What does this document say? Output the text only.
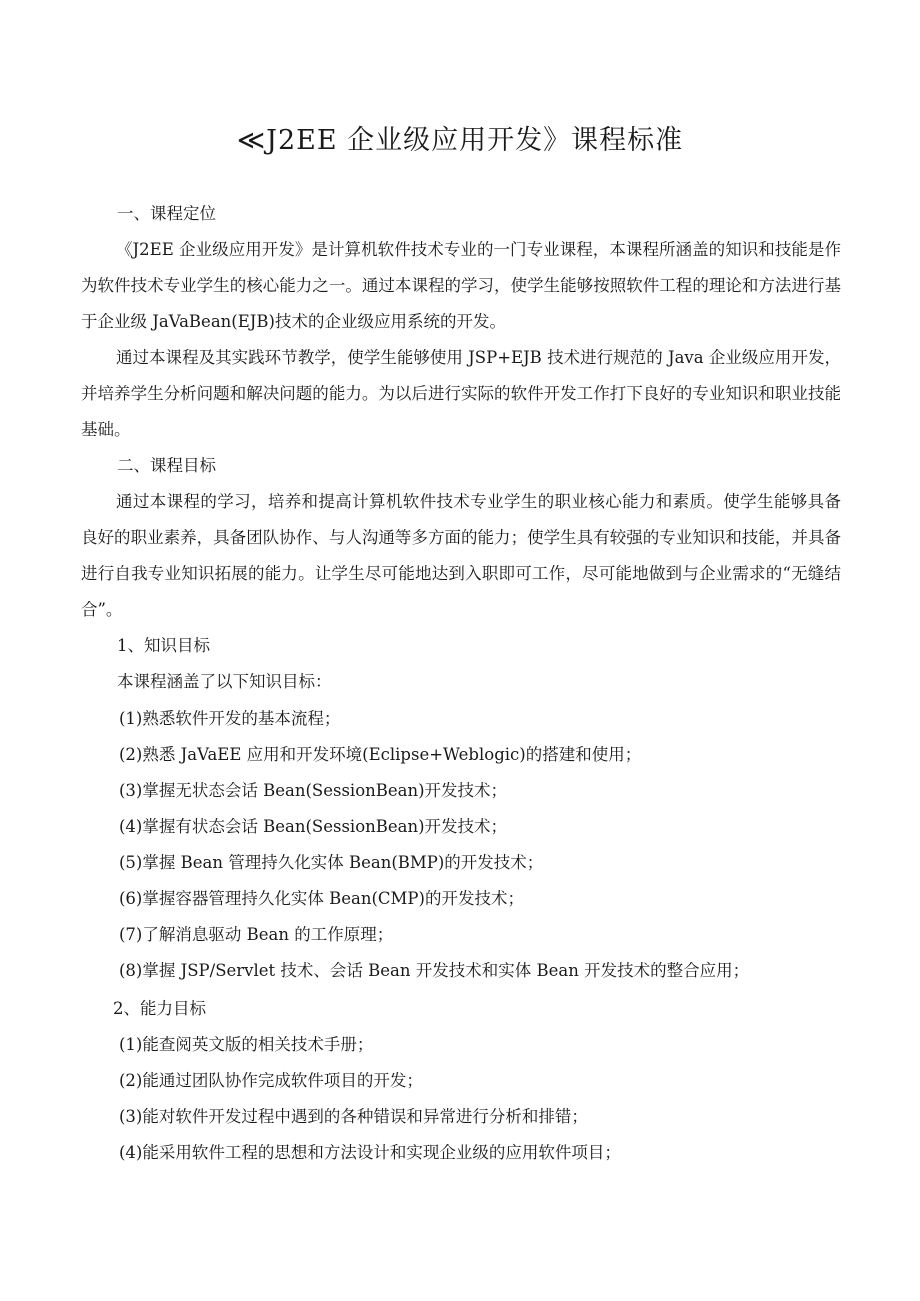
≪J2EE 企业级应用开发》课程标准
一、课程定位
《J2EE 企业级应用开发》是计算机软件技术专业的一门专业课程，本课程所涵盖的知识和技能是作为软件技术专业学生的核心能力之一。通过本课程的学习，使学生能够按照软件工程的理论和方法进行基于企业级 JaVaBean(EJB)技术的企业级应用系统的开发。
通过本课程及其实践环节教学，使学生能够使用 JSP+EJB 技术进行规范的 Java 企业级应用开发，并培养学生分析问题和解决问题的能力。为以后进行实际的软件开发工作打下良好的专业知识和职业技能基础。
二、课程目标
通过本课程的学习，培养和提高计算机软件技术专业学生的职业核心能力和素质。使学生能够具备良好的职业素养，具备团队协作、与人沟通等多方面的能力；使学生具有较强的专业知识和技能，并具备进行自我专业知识拓展的能力。让学生尽可能地达到入职即可工作，尽可能地做到与企业需求的“无缝结合”。
1、知识目标
本课程涵盖了以下知识目标：
(1)熟悉软件开发的基本流程；
(2)熟悉 JaVaEE 应用和开发环境(Eclipse+Weblogic)的搭建和使用；
(3)掌握无状态会话 Bean(SessionBean)开发技术；
(4)掌握有状态会话 Bean(SessionBean)开发技术；
(5)掌握 Bean 管理持久化实体 Bean(BMP)的开发技术；
(6)掌握容器管理持久化实体 Bean(CMP)的开发技术；
(7)了解消息驱动 Bean 的工作原理；
(8)掌握 JSP/Servlet 技术、会话 Bean 开发技术和实体 Bean 开发技术的整合应用；
2、能力目标
(1)能查阅英文版的相关技术手册；
(2)能通过团队协作完成软件项目的开发；
(3)能对软件开发过程中遇到的各种错误和异常进行分析和排错；
(4)能采用软件工程的思想和方法设计和实现企业级的应用软件项目；
